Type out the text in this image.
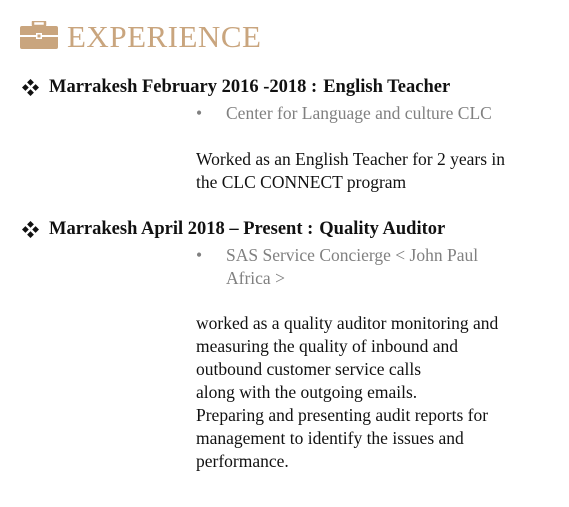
EXPERIENCE
Marrakesh February 2016 -2018 : English Teacher
•	Center for Language and culture CLC
Worked as an English Teacher for 2 years in
the CLC CONNECT program
Marrakesh April 2018 – Present : Quality Auditor
•	SAS Service Concierge < John Paul
Africa >
worked as a quality auditor monitoring and
measuring the quality of inbound and
outbound customer service calls
along with the outgoing emails.
Preparing and presenting audit reports for
management to identify the issues and
performance.
